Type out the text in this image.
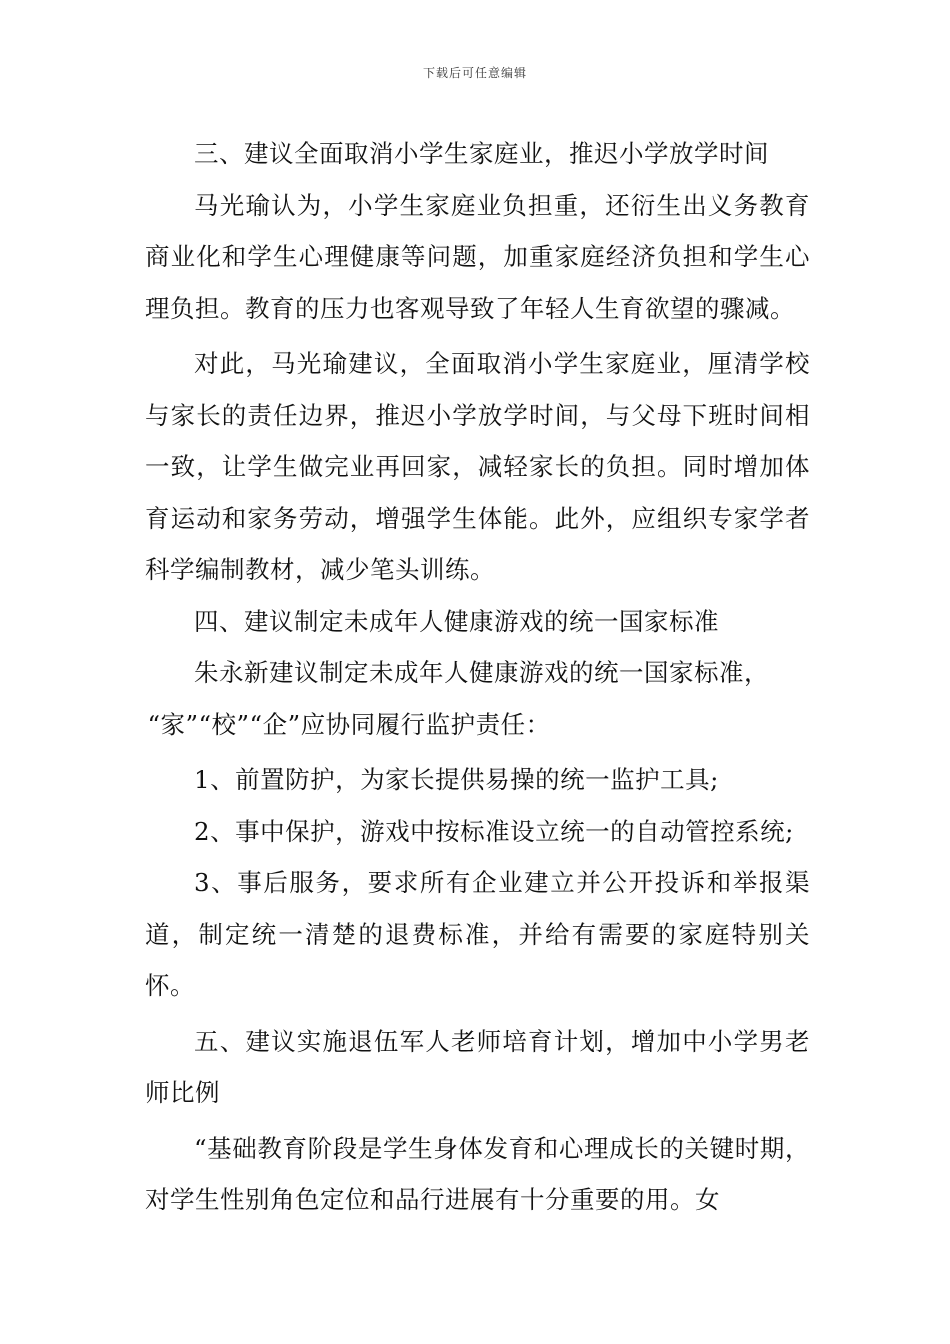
下载后可任意编辑

三、建议全面取消小学生家庭业，推迟小学放学时间

马光瑜认为，小学生家庭业负担重，还衍生出义务教育商业化和学生心理健康等问题，加重家庭经济负担和学生心理负担。教育的压力也客观导致了年轻人生育欲望的骤减。

对此，马光瑜建议，全面取消小学生家庭业，厘清学校与家长的责任边界，推迟小学放学时间，与父母下班时间相一致，让学生做完业再回家，减轻家长的负担。同时增加体育运动和家务劳动，增强学生体能。此外，应组织专家学者科学编制教材，减少笔头训练。

四、建议制定未成年人健康游戏的统一国家标准

朱永新建议制定未成年人健康游戏的统一国家标准，

“家”“校”“企”应协同履行监护责任：

1、前置防护，为家长提供易操的统一监护工具;

2、事中保护，游戏中按标准设立统一的自动管控系统;

3、事后服务，要求所有企业建立并公开投诉和举报渠道，制定统一清楚的退费标准，并给有需要的家庭特别关怀。

五、建议实施退伍军人老师培育计划，增加中小学男老师比例

“基础教育阶段是学生身体发育和心理成长的关键时期，对学生性别角色定位和品行进展有十分重要的用。女
